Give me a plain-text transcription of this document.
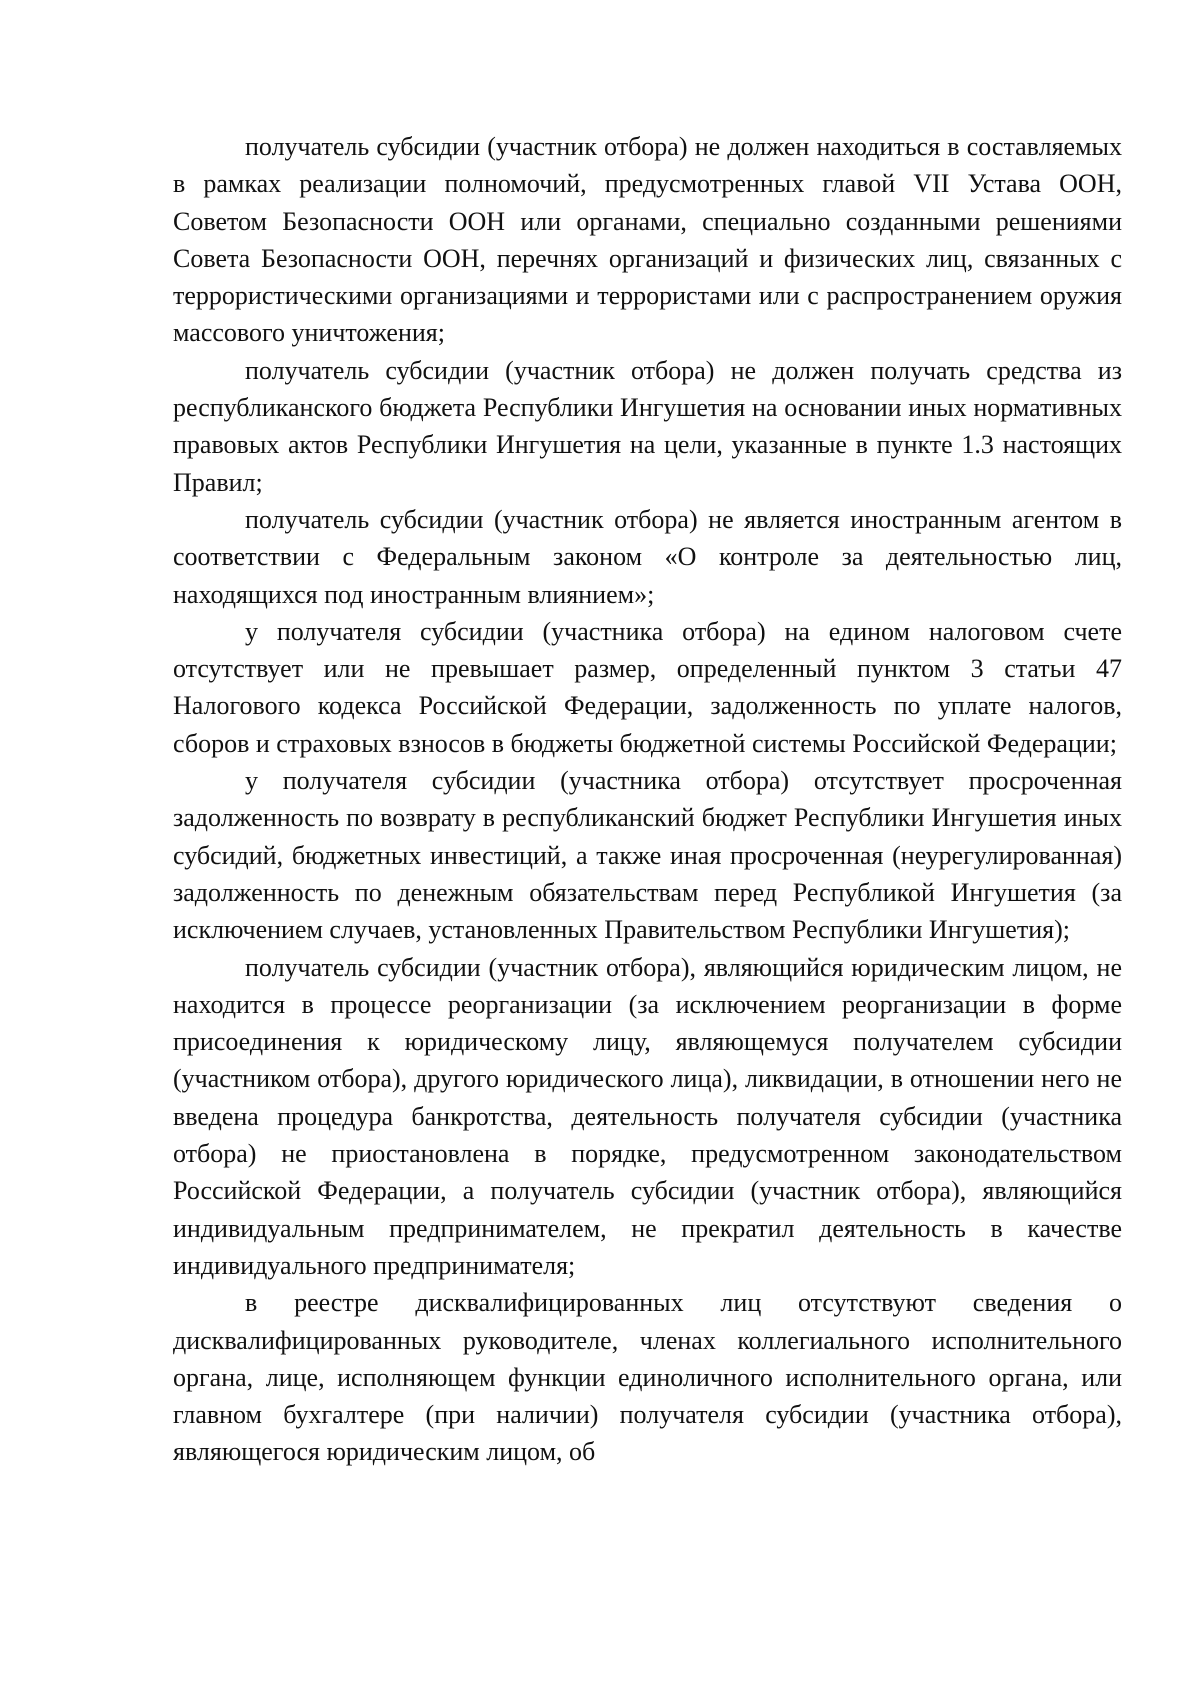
получатель субсидии (участник отбора) не должен находиться в составляемых в рамках реализации полномочий, предусмотренных главой VII Устава ООН, Советом Безопасности ООН или органами, специально созданными решениями Совета Безопасности ООН, перечнях организаций и физических лиц, связанных с террористическими организациями и террористами или с распространением оружия массового уничтожения;

получатель субсидии (участник отбора) не должен получать средства из республиканского бюджета Республики Ингушетия на основании иных нормативных правовых актов Республики Ингушетия на цели, указанные в пункте 1.3 настоящих Правил;

получатель субсидии (участник отбора) не является иностранным агентом в соответствии с Федеральным законом «О контроле за деятельностью лиц, находящихся под иностранным влиянием»;

у получателя субсидии (участника отбора) на едином налоговом счете отсутствует или не превышает размер, определенный пунктом 3 статьи 47 Налогового кодекса Российской Федерации, задолженность по уплате налогов, сборов и страховых взносов в бюджеты бюджетной системы Российской Федерации;

у получателя субсидии (участника отбора) отсутствует просроченная задолженность по возврату в республиканский бюджет Республики Ингушетия иных субсидий, бюджетных инвестиций, а также иная просроченная (неурегулированная) задолженность по денежным обязательствам перед Республикой Ингушетия (за исключением случаев, установленных Правительством Республики Ингушетия);

получатель субсидии (участник отбора), являющийся юридическим лицом, не находится в процессе реорганизации (за исключением реорганизации в форме присоединения к юридическому лицу, являющемуся получателем субсидии (участником отбора), другого юридического лица), ликвидации, в отношении него не введена процедура банкротства, деятельность получателя субсидии (участника отбора) не приостановлена в порядке, предусмотренном законодательством Российской Федерации, а получатель субсидии (участник отбора), являющийся индивидуальным предпринимателем, не прекратил деятельность в качестве индивидуального предпринимателя;

в реестре дисквалифицированных лиц отсутствуют сведения о дисквалифицированных руководителе, членах коллегиального исполнительного органа, лице, исполняющем функции единоличного исполнительного органа, или главном бухгалтере (при наличии) получателя субсидии (участника отбора), являющегося юридическим лицом, об
